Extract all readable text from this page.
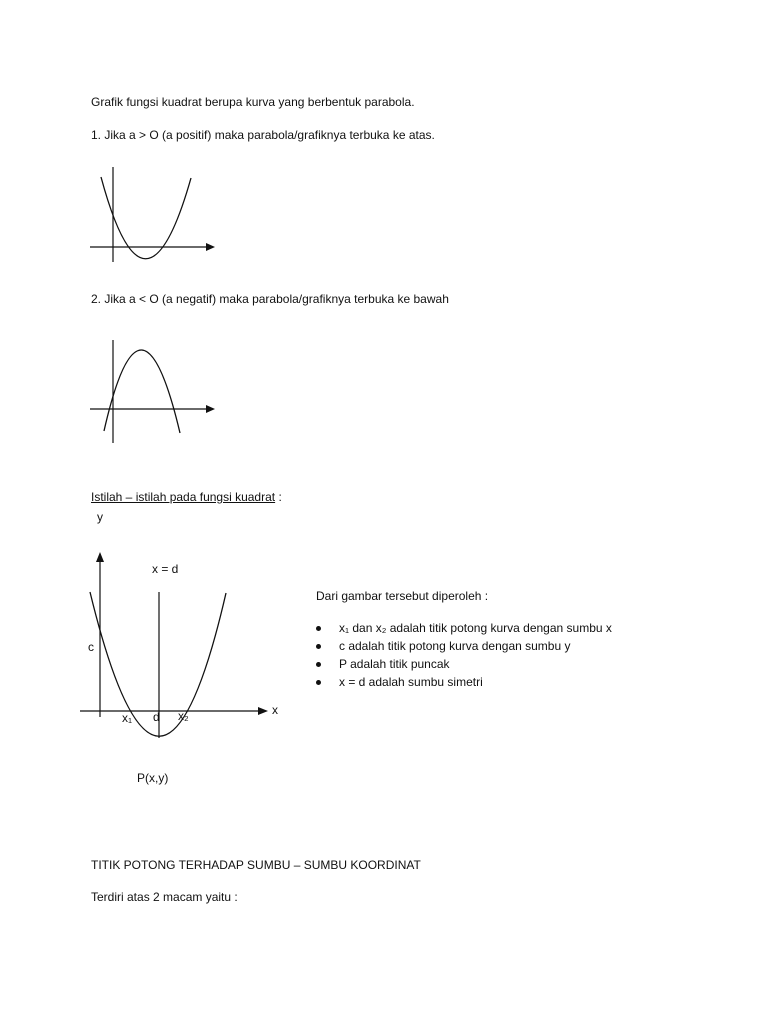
Grafik fungsi kuadrat berupa kurva yang berbentuk parabola.
1. Jika a > O (a positif) maka parabola/grafiknya terbuka ke atas.
2. Jika a < O (a negatif) maka parabola/grafiknya terbuka ke bawah
Istilah – istilah pada fungsi kuadrat :
y
x = d
c
x
x₁ d x₂
P(x,y)
Dari gambar tersebut diperoleh :
x₁ dan x₂ adalah titik potong kurva dengan sumbu x
c adalah titik potong kurva dengan sumbu y
P adalah titik puncak
x = d adalah sumbu simetri
TITIK POTONG TERHADAP SUMBU – SUMBU KOORDINAT
Terdiri atas 2 macam yaitu :
